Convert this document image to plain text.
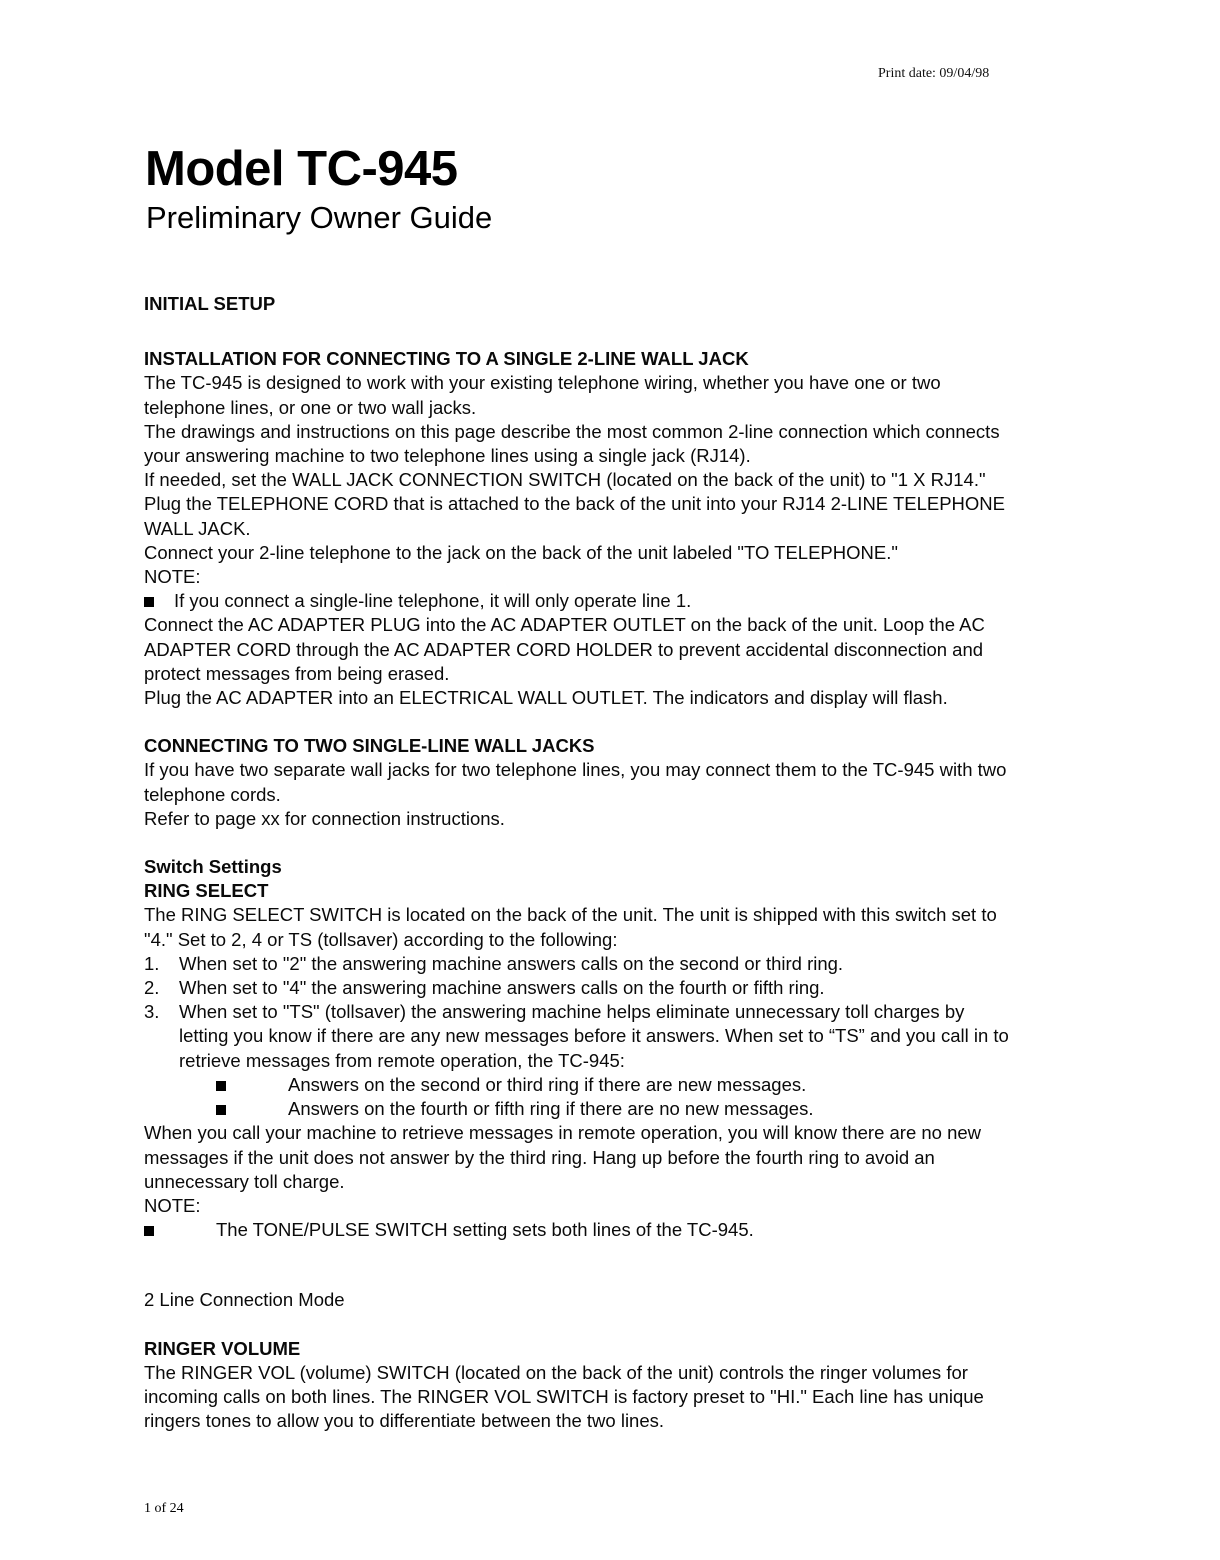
Print date: 09/04/98
Model TC-945
Preliminary Owner Guide
INITIAL SETUP
INSTALLATION FOR CONNECTING TO A SINGLE 2-LINE WALL JACK

The TC-945 is designed to work with your existing telephone wiring, whether you have one or two

telephone lines, or one or two wall jacks.

The drawings and instructions on this page describe the most common 2-line connection which connects

your answering machine to two telephone lines using a single jack (RJ14).

If needed, set the WALL JACK CONNECTION SWITCH (located on the back of the unit) to "1 X RJ14."

Plug the TELEPHONE CORD that is attached to the back of the unit into your RJ14 2-LINE TELEPHONE

WALL JACK.

Connect your 2-line telephone to the jack on the back of the unit labeled "TO TELEPHONE."

NOTE:

If you connect a single-line telephone, it will only operate line 1.

Connect the AC ADAPTER PLUG into the AC ADAPTER OUTLET on the back of the unit. Loop the AC

ADAPTER CORD through the AC ADAPTER CORD HOLDER to prevent accidental disconnection and

protect messages from being erased.

Plug the AC ADAPTER into an ELECTRICAL WALL OUTLET. The indicators and display will flash.

CONNECTING TO TWO SINGLE-LINE WALL JACKS

If you have two separate wall jacks for two telephone lines, you may connect them to the TC-945 with two

telephone cords.

Refer to page xx for connection instructions.

Switch Settings
RING SELECT

The RING SELECT SWITCH is located on the back of the unit. The unit is shipped with this switch set to

"4." Set to 2, 4 or TS (tollsaver) according to the following:

1.	When set to "2" the answering machine answers calls on the second or third ring.
2.	When set to "4" the answering machine answers calls on the fourth or fifth ring.
3.	When set to "TS" (tollsaver) the answering machine helps eliminate unnecessary toll charges by

letting you know if there are any new messages before it answers. When set to “TS” and you call in to

retrieve messages from remote operation, the TC-945:

Answers on the second or third ring if there are new messages.
Answers on the fourth or fifth ring if there are no new messages.

When you call your machine to retrieve messages in remote operation, you will know there are no new

messages if the unit does not answer by the third ring. Hang up before the fourth ring to avoid an

unnecessary toll charge.

NOTE:

The TONE/PULSE SWITCH setting sets both lines of the TC-945.

2 Line Connection Mode

RINGER VOLUME

The RINGER VOL (volume) SWITCH (located on the back of the unit) controls the ringer volumes for

incoming calls on both lines. The RINGER VOL SWITCH is factory preset to "HI." Each line has unique

ringers tones to allow you to differentiate between the two lines.

1 of 24
